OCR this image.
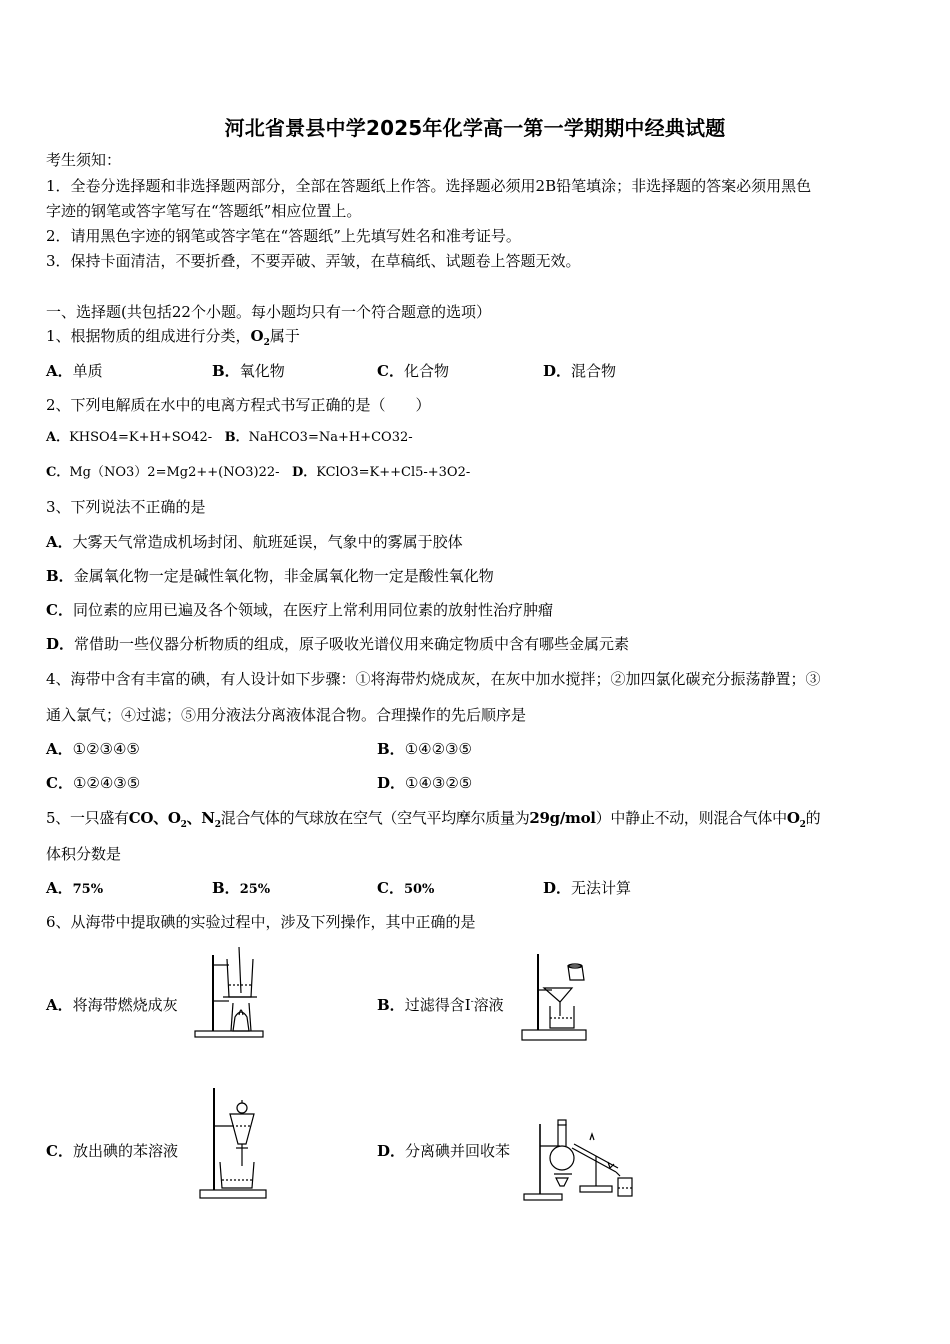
河北省景县中学2025年化学高一第一学期期中经典试题
考生须知：
1．全卷分选择题和非选择题两部分，全部在答题纸上作答。选择题必须用2B铅笔填涂；非选择题的答案必须用黑色
字迹的钢笔或答字笔写在“答题纸”相应位置上。
2．请用黑色字迹的钢笔或答字笔在“答题纸”上先填写姓名和准考证号。
3．保持卡面清洁，不要折叠，不要弄破、弄皱，在草稿纸、试题卷上答题无效。
一、选择题(共包括22个小题。每小题均只有一个符合题意的选项）
1、根据物质的组成进行分类，$O_2$属于
A．单质	B．氧化物	C．化合物	D．混合物
2、下列电解质在水中的电离方程式书写正确的是（　　）
A．KHSO4=K+H+SO42- B．NaHCO3=Na+H+CO32-
C．Mg（NO3）2=Mg2++(NO3)22- D．KClO3=K++Cl5-+3O2-
3、下列说法不正确的是
A．大雾天气常造成机场封闭、航班延误，气象中的雾属于胶体
B．金属氧化物一定是碱性氧化物，非金属氧化物一定是酸性氧化物
C．同位素的应用已遍及各个领域，在医疗上常利用同位素的放射性治疗肿瘤
D．常借助一些仪器分析物质的组成，原子吸收光谱仪用来确定物质中含有哪些金属元素
4、海带中含有丰富的碘，有人设计如下步骤：①将海带灼烧成灰，在灰中加水搅拌；②加四氯化碳充分振荡静置；③
通入氯气；④过滤；⑤用分液法分离液体混合物。合理操作的先后顺序是
A．①②③④⑤	B．①④②③⑤
C．①②④③⑤	D．①④③②⑤
5、一只盛有CO、$O_2$、$N_2$混合气体的气球放在空气（空气平均摩尔质量为29g/mol）中静止不动，则混合气体中$O_2$的
体积分数是
A．75%	B．25%	C．50%	D．无法计算
6、从海带中提取碘的实验过程中，涉及下列操作，其中正确的是
A．将海带燃烧成灰	B．过滤得含I-溶液
C．放出碘的苯溶液	D．分离碘并回收苯
